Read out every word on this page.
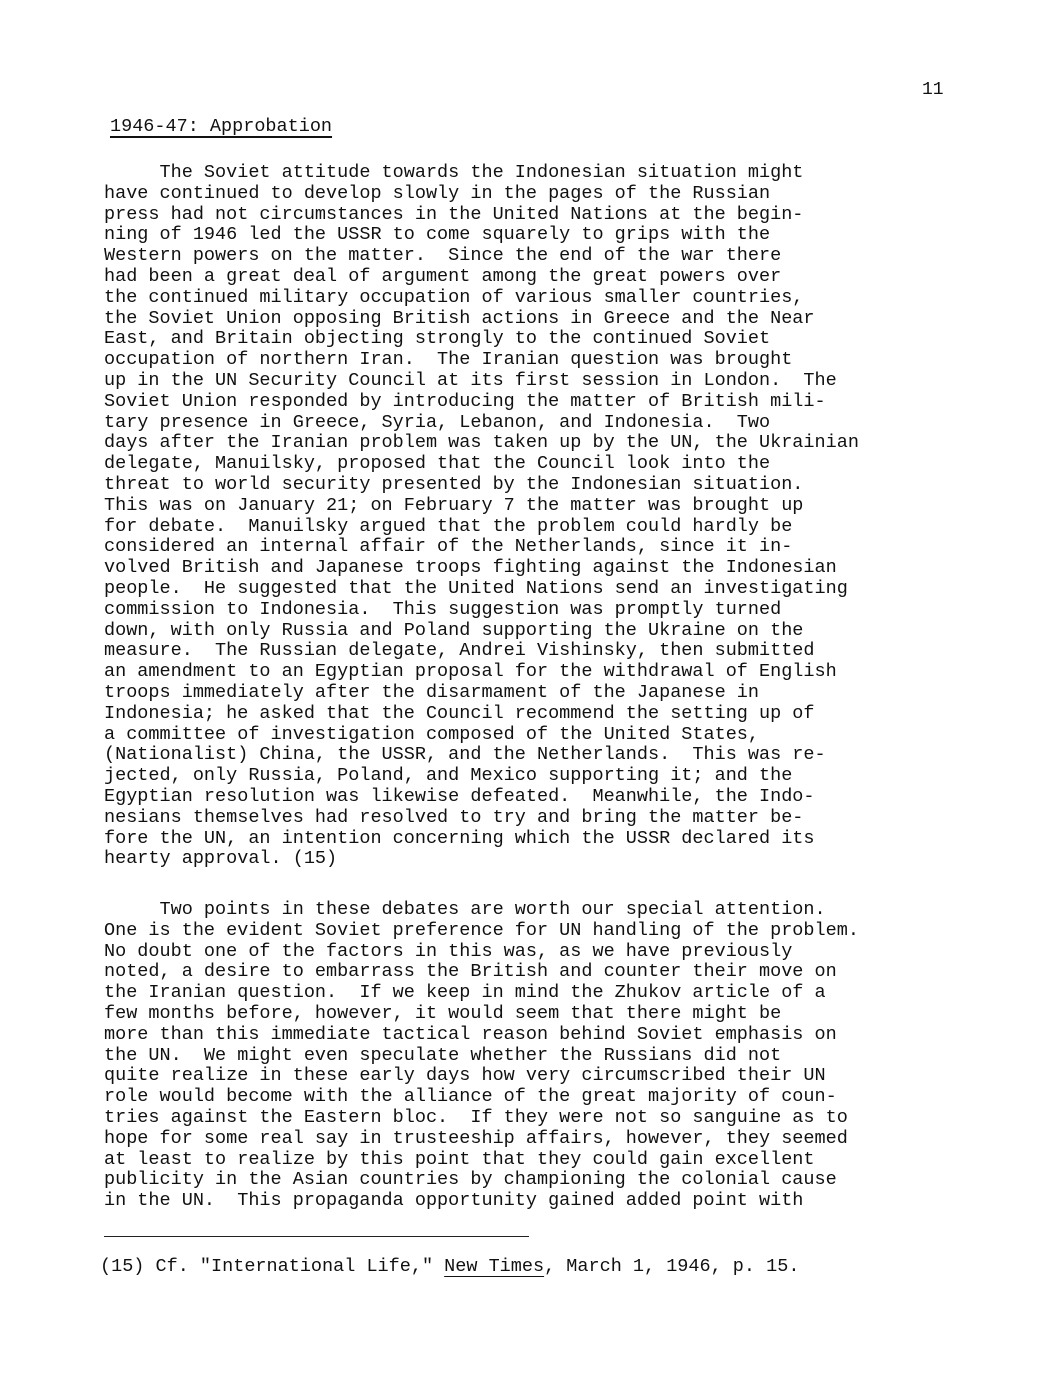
11
1946-47: Approbation
The Soviet attitude towards the Indonesian situation might
have continued to develop slowly in the pages of the Russian
press had not circumstances in the United Nations at the begin-
ning of 1946 led the USSR to come squarely to grips with the
Western powers on the matter.  Since the end of the war there
had been a great deal of argument among the great powers over
the continued military occupation of various smaller countries,
the Soviet Union opposing British actions in Greece and the Near
East, and Britain objecting strongly to the continued Soviet
occupation of northern Iran.  The Iranian question was brought
up in the UN Security Council at its first session in London.  The
Soviet Union responded by introducing the matter of British mili-
tary presence in Greece, Syria, Lebanon, and Indonesia.  Two
days after the Iranian problem was taken up by the UN, the Ukrainian
delegate, Manuilsky, proposed that the Council look into the
threat to world security presented by the Indonesian situation.
This was on January 21; on February 7 the matter was brought up
for debate.  Manuilsky argued that the problem could hardly be
considered an internal affair of the Netherlands, since it in-
volved British and Japanese troops fighting against the Indonesian
people.  He suggested that the United Nations send an investigating
commission to Indonesia.  This suggestion was promptly turned
down, with only Russia and Poland supporting the Ukraine on the
measure.  The Russian delegate, Andrei Vishinsky, then submitted
an amendment to an Egyptian proposal for the withdrawal of English
troops immediately after the disarmament of the Japanese in
Indonesia; he asked that the Council recommend the setting up of
a committee of investigation composed of the United States,
(Nationalist) China, the USSR, and the Netherlands.  This was re-
jected, only Russia, Poland, and Mexico supporting it; and the
Egyptian resolution was likewise defeated.  Meanwhile, the Indo-
nesians themselves had resolved to try and bring the matter be-
fore the UN, an intention concerning which the USSR declared its
hearty approval. (15)
Two points in these debates are worth our special attention.
One is the evident Soviet preference for UN handling of the problem.
No doubt one of the factors in this was, as we have previously
noted, a desire to embarrass the British and counter their move on
the Iranian question.  If we keep in mind the Zhukov article of a
few months before, however, it would seem that there might be
more than this immediate tactical reason behind Soviet emphasis on
the UN.  We might even speculate whether the Russians did not
quite realize in these early days how very circumscribed their UN
role would become with the alliance of the great majority of coun-
tries against the Eastern bloc.  If they were not so sanguine as to
hope for some real say in trusteeship affairs, however, they seemed
at least to realize by this point that they could gain excellent
publicity in the Asian countries by championing the colonial cause
in the UN.  This propaganda opportunity gained added point with
(15) Cf. "International Life," New Times, March 1, 1946, p. 15.
